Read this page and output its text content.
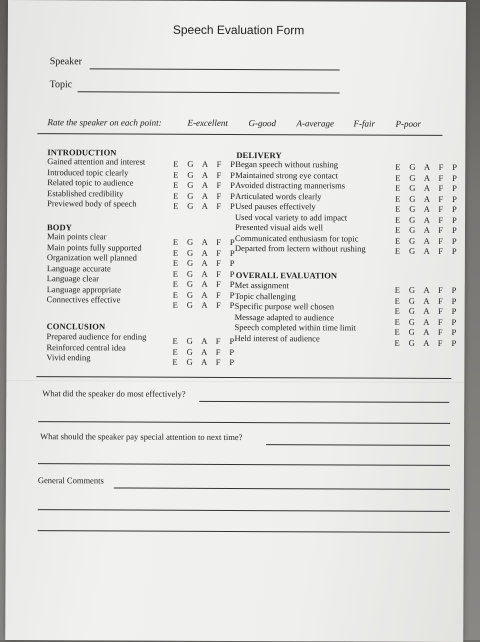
Speech Evaluation Form
Speaker
Topic
Rate the speaker on each point:	E-excellent G-good A-average F-fair P-poor
INTRODUCTION
Gained attention and interest
Introduced topic clearly
Related topic to audience
Established credibility
Previewed body of speech
E G A F P
E G A F P
E G A F P
E G A F P
E G A F P
BODY
Main points clear
Main points fully supported
Organization well planned
Language accurate
Language clear
Language appropriate
Connectives effective
E G A F P
E G A F P
E G A F P
E G A F P
E G A F P
E G A F P
E G A F P
CONCLUSION
Prepared audience for ending
Reinforced central idea
Vivid ending
E G A F P
E G A F P
E G A F P
DELIVERY
Began speech without rushing
Maintained strong eye contact
Avoided distracting mannerisms
Articulated words clearly
Used pauses effectively
Used vocal variety to add impact
Presented visual aids well
Communicated enthusiasm for topic
Departed from lectern without rushing
E G A F P
E G A F P
E G A F P
E G A F P
E G A F P
E G A F P
E G A F P
E G A F P
E G A F P
OVERALL EVALUATION
Met assignment
Topic challenging
Specific purpose well chosen
Message adapted to audience
Speech completed within time limit
Held interest of audience
E G A F P
E G A F P
E G A F P
E G A F P
E G A F P
E G A F P
What did the speaker do most effectively?
What should the speaker pay special attention to next time?
General Comments
